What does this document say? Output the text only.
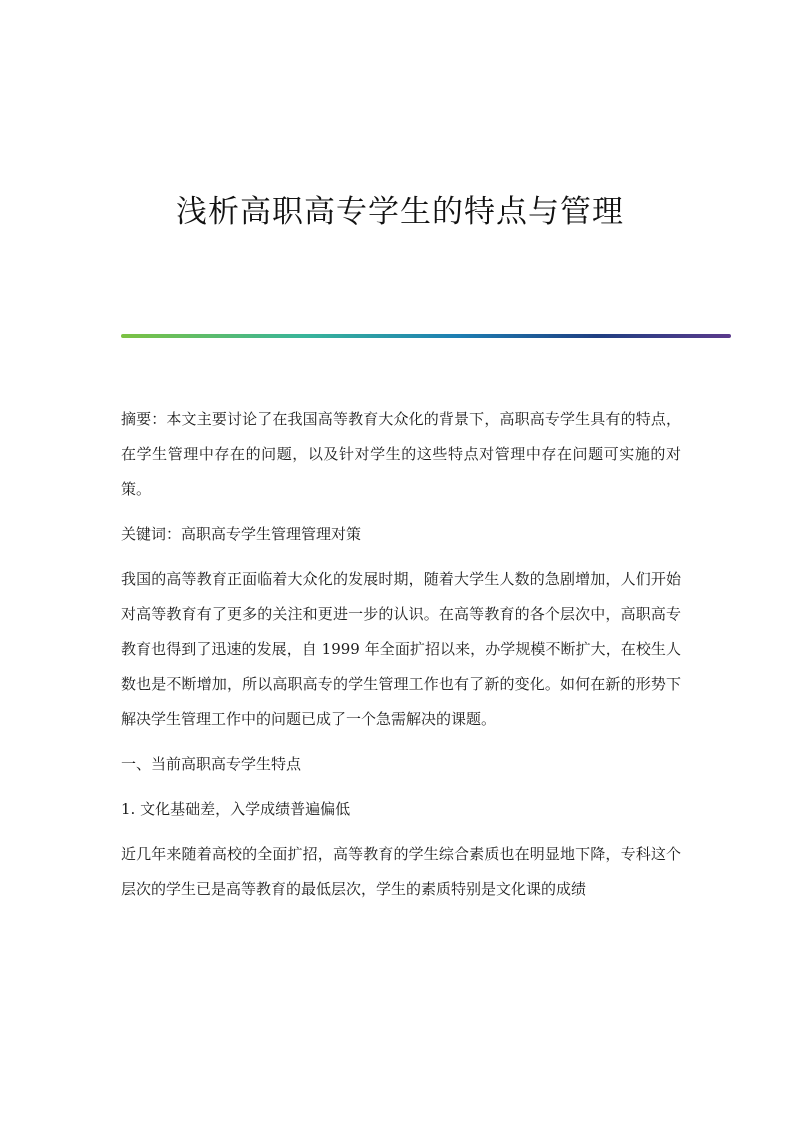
浅析高职高专学生的特点与管理

摘要：本文主要讨论了在我国高等教育大众化的背景下，高职高专学生具有的特点，在学生管理中存在的问题，以及针对学生的这些特点对管理中存在问题可实施的对策。

关键词：高职高专学生管理管理对策

我国的高等教育正面临着大众化的发展时期，随着大学生人数的急剧增加，人们开始对高等教育有了更多的关注和更进一步的认识。在高等教育的各个层次中，高职高专教育也得到了迅速的发展，自 1999 年全面扩招以来，办学规模不断扩大，在校生人数也是不断增加，所以高职高专的学生管理工作也有了新的变化。如何在新的形势下解决学生管理工作中的问题已成了一个急需解决的课题。

一、当前高职高专学生特点

1. 文化基础差，入学成绩普遍偏低

近几年来随着高校的全面扩招，高等教育的学生综合素质也在明显地下降，专科这个层次的学生已是高等教育的最低层次，学生的素质特别是文化课的成绩
